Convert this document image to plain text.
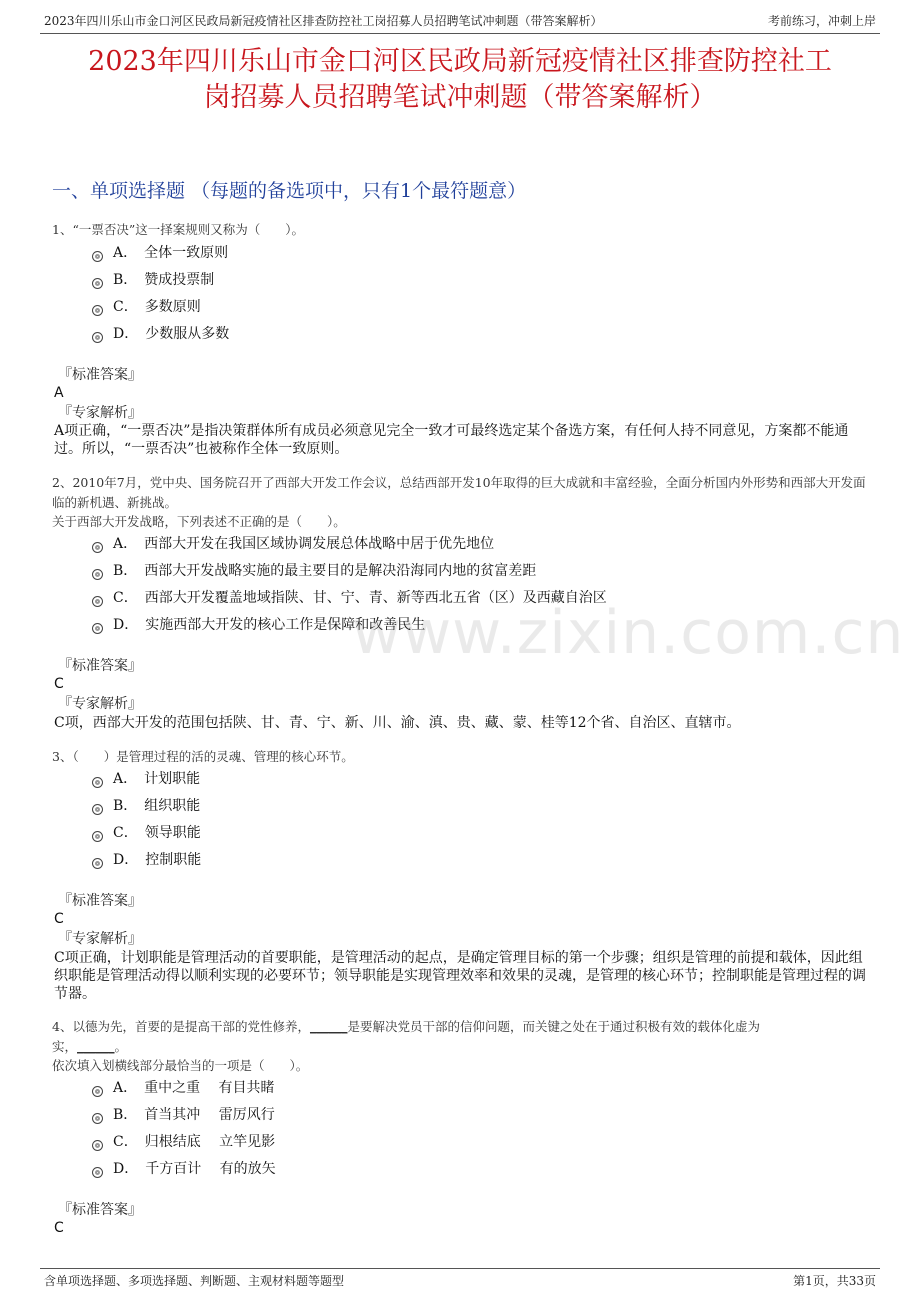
2023年四川乐山市金口河区民政局新冠疫情社区排查防控社工岗招募人员招聘笔试冲刺题（带答案解析）	考前练习，冲刺上岸
2023年四川乐山市金口河区民政局新冠疫情社区排查防控社工
岗招募人员招聘笔试冲刺题（带答案解析）
一、单项选择题 （每题的备选项中，只有1个最符题意）
1、“一票否决”这一择案规则又称为（　　）。
A．　全体一致原则
B．　赞成投票制
C．　多数原则
D．　少数服从多数
『标准答案』
A
『专家解析』
A项正确，“一票否决”是指决策群体所有成员必须意见完全一致才可最终选定某个备选方案，有任何人持不同意见，方案都不能通过。所以，“一票否决”也被称作全体一致原则。
2、2010年7月，党中央、国务院召开了西部大开发工作会议，总结西部开发10年取得的巨大成就和丰富经验，全面分析国内外形势和西部大开发面临的新机遇、新挑战。
关于西部大开发战略，下列表述不正确的是（　　）。
A．　西部大开发在我国区域协调发展总体战略中居于优先地位
B．　西部大开发战略实施的最主要目的是解决沿海同内地的贫富差距
C．　西部大开发覆盖地域指陕、甘、宁、青、新等西北五省（区）及西藏自治区
D．　实施西部大开发的核心工作是保障和改善民生
『标准答案』
C
『专家解析』
C项，西部大开发的范围包括陕、甘、青、宁、新、川、渝、滇、贵、藏、蒙、桂等12个省、自治区、直辖市。
3、（　　）是管理过程的活的灵魂、管理的核心环节。
A．　计划职能
B．　组织职能
C．　领导职能
D．　控制职能
『标准答案』
C
『专家解析』
C项正确，计划职能是管理活动的首要职能，是管理活动的起点，是确定管理目标的第一个步骤；组织是管理的前提和载体，因此组织职能是管理活动得以顺利实现的必要环节；领导职能是实现管理效率和效果的灵魂，是管理的核心环节；控制职能是管理过程的调节器。
4、以德为先，首要的是提高干部的党性修养，______是要解决党员干部的信仰问题，而关键之处在于通过积极有效的载体化虚为
实，______。
依次填入划横线部分最恰当的一项是（　　）。
A．　重中之重　 有目共睹
B．　首当其冲　 雷厉风行
C．　归根结底　 立竿见影
D．　千方百计　 有的放矢
『标准答案』
C
www.zixin.com.cn
含单项选择题、多项选择题、判断题、主观材料题等题型	第1页，共33页
